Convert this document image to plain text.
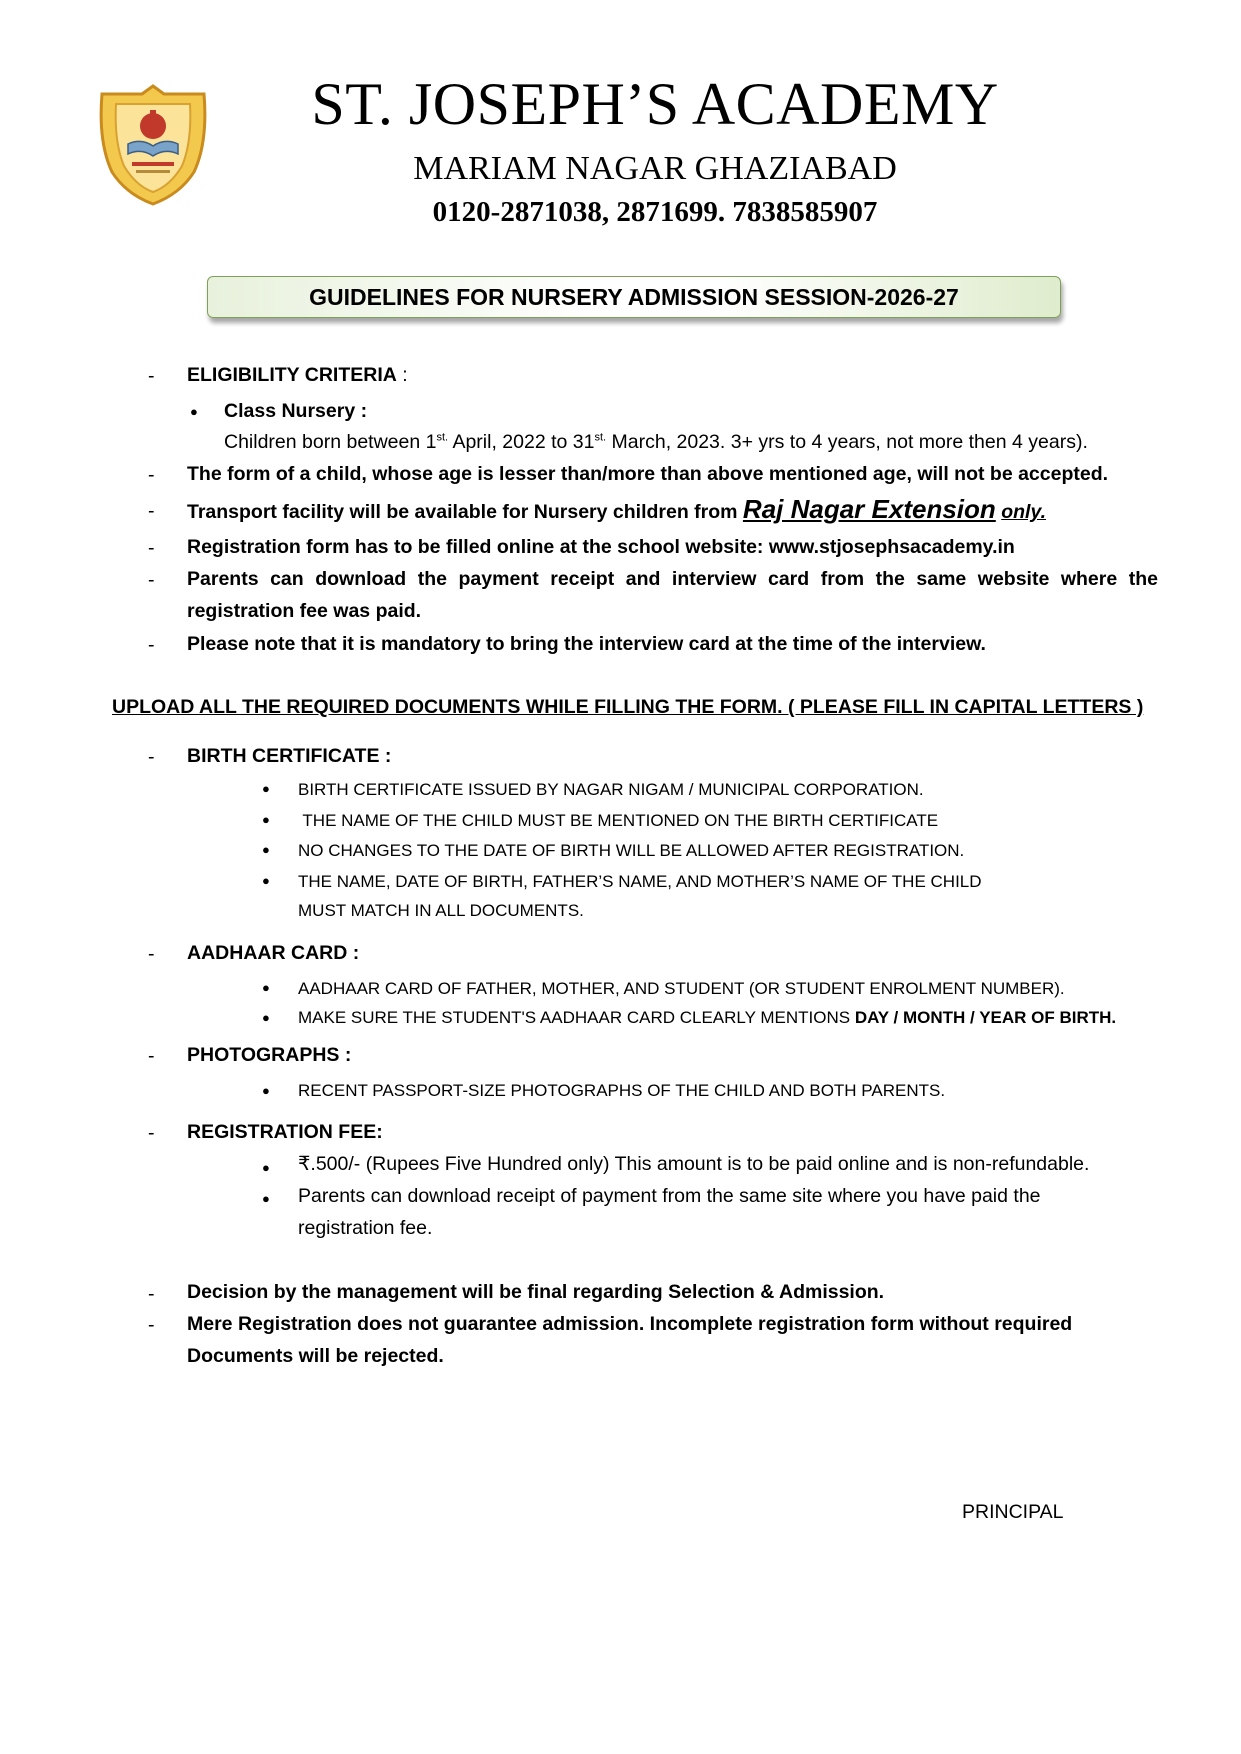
ST. JOSEPH’S ACADEMY
MARIAM NAGAR GHAZIABAD
0120-2871038, 2871699. 7838585907
GUIDELINES FOR NURSERY ADMISSION SESSION-2026-27
- ELIGIBILITY CRITERIA :
● Class Nursery :
Children born between $1^{st.}$ April, 2022 to $31^{st.}$ March, 2023. 3+ yrs to 4 years, not more then 4 years).
- The form of a child, whose age is lesser than/more than above mentioned age, will not be accepted.
- Transport facility will be available for Nursery children from Raj Nagar Extension only.
- Registration form has to be filled online at the school website: www.stjosephsacademy.in
- Parents can download the payment receipt and interview card from the same website where the
registration fee was paid.
- Please note that it is mandatory to bring the interview card at the time of the interview.
UPLOAD ALL THE REQUIRED DOCUMENTS WHILE FILLING THE FORM. ( PLEASE FILL IN CAPITAL LETTERS )
- BIRTH CERTIFICATE :
● BIRTH CERTIFICATE ISSUED BY NAGAR NIGAM / MUNICIPAL CORPORATION.
● THE NAME OF THE CHILD MUST BE MENTIONED ON THE BIRTH CERTIFICATE
● NO CHANGES TO THE DATE OF BIRTH WILL BE ALLOWED AFTER REGISTRATION.
● THE NAME, DATE OF BIRTH, FATHER’S NAME, AND MOTHER’S NAME OF THE CHILD
MUST MATCH IN ALL DOCUMENTS.
- AADHAAR CARD :
● AADHAAR CARD OF FATHER, MOTHER, AND STUDENT (OR STUDENT ENROLMENT NUMBER).
● MAKE SURE THE STUDENT'S AADHAAR CARD CLEARLY MENTIONS DAY / MONTH / YEAR OF BIRTH.
- PHOTOGRAPHS :
● RECENT PASSPORT-SIZE PHOTOGRAPHS OF THE CHILD AND BOTH PARENTS.
- REGISTRATION FEE:
● ₹.500/- (Rupees Five Hundred only) This amount is to be paid online and is non-refundable.
● Parents can download receipt of payment from the same site where you have paid the
registration fee.
- Decision by the management will be final regarding Selection & Admission.
- Mere Registration does not guarantee admission. Incomplete registration form without required
Documents will be rejected.
PRINCIPAL
